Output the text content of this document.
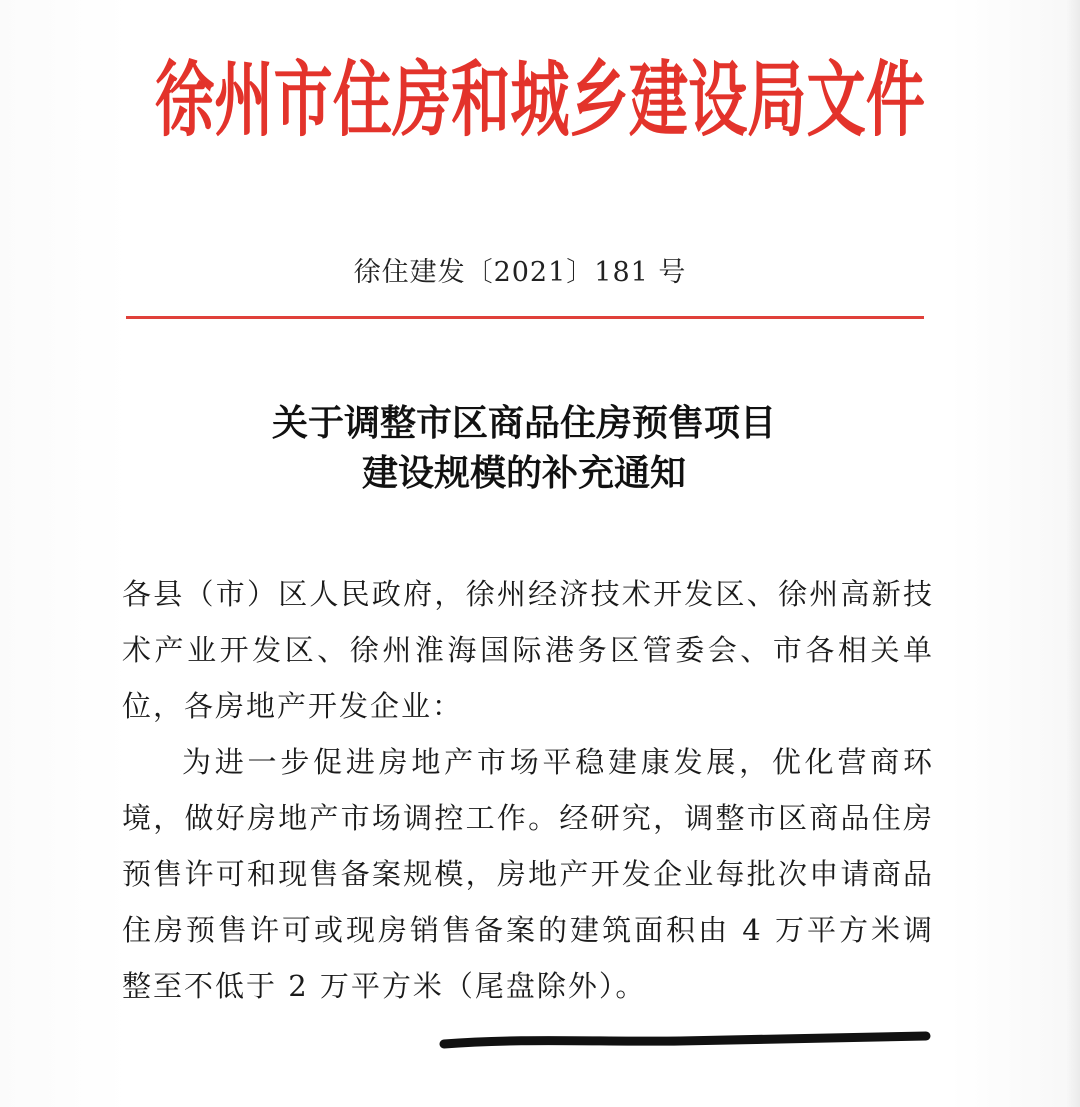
徐州市住房和城乡建设局文件
徐住建发〔2021〕181 号
关于调整市区商品住房预售项目
建设规模的补充通知

各县（市）区人民政府，徐州经济技术开发区、徐州高新技术产业开发区、徐州淮海国际港务区管委会、市各相关单位，各房地产开发企业：

为进一步促进房地产市场平稳建康发展，优化营商环境，做好房地产市场调控工作。经研究，调整市区商品住房预售许可和现售备案规模，房地产开发企业每批次申请商品住房预售许可或现房销售备案的建筑面积由 4 万平方米调整至不低于 2 万平方米（尾盘除外）。
